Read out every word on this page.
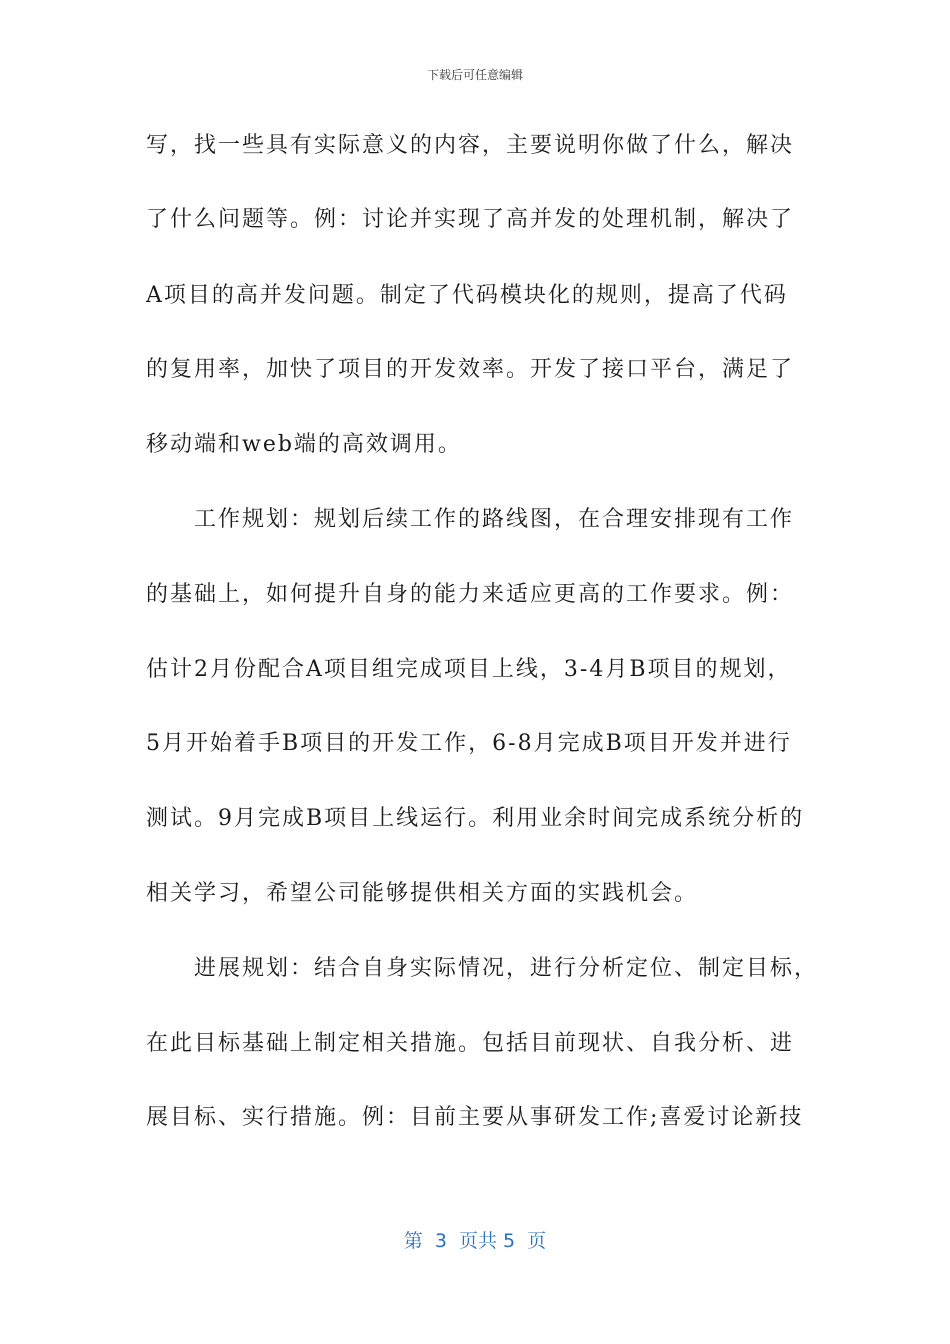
下载后可任意编辑
写，找一些具有实际意义的内容，主要说明你做了什么，解决
了什么问题等。例：讨论并实现了高并发的处理机制，解决了
A项目的高并发问题。制定了代码模块化的规则，提高了代码
的复用率，加快了项目的开发效率。开发了接口平台，满足了
移动端和web端的高效调用。
工作规划：规划后续工作的路线图，在合理安排现有工作
的基础上，如何提升自身的能力来适应更高的工作要求。例：
估计2月份配合A项目组完成项目上线，3-4月B项目的规划，
5月开始着手B项目的开发工作，6-8月完成B项目开发并进行
测试。9月完成B项目上线运行。利用业余时间完成系统分析的
相关学习，希望公司能够提供相关方面的实践机会。
进展规划：结合自身实际情况，进行分析定位、制定目标，
在此目标基础上制定相关措施。包括目前现状、自我分析、进
展目标、实行措施。例：目前主要从事研发工作;喜爱讨论新技
第  3  页共 5  页
